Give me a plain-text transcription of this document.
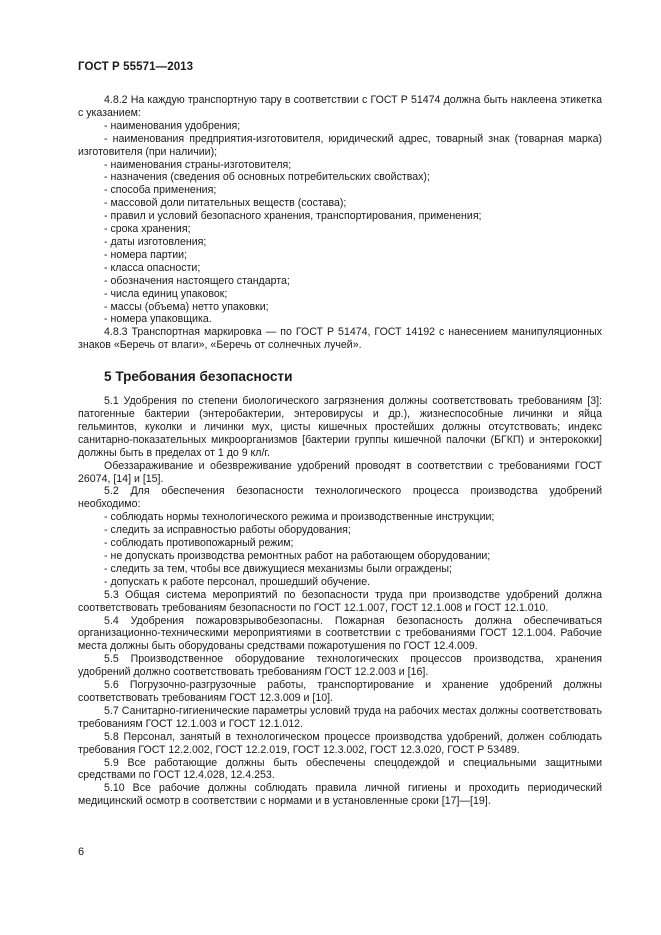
ГОСТ Р 55571—2013

4.8.2 На каждую транспортную тару в соответствии с ГОСТ Р 51474 должна быть наклеена этикетка с указанием:

- наименования удобрения;

- наименования предприятия-изготовителя, юридический адрес, товарный знак (товарная марка) изготовителя (при наличии);

- наименования страны-изготовителя;

- назначения (сведения об основных потребительских свойствах);

- способа применения;

- массовой доли питательных веществ (состава);

- правил и условий безопасного хранения, транспортирования, применения;

- срока хранения;

- даты изготовления;

- номера партии;

- класса опасности;

- обозначения настоящего стандарта;

- числа единиц упаковок;

- массы (объема) нетто упаковки;

- номера упаковщика.

4.8.3 Транспортная маркировка — по ГОСТ Р 51474, ГОСТ 14192 с нанесением манипуляционных знаков «Беречь от влаги», «Беречь от солнечных лучей».

5 Требования безопасности

5.1 Удобрения по степени биологического загрязнения должны соответствовать требованиям [3]: патогенные бактерии (энтеробактерии, энтеровирусы и др.), жизнеспособные личинки и яйца гельминтов, куколки и личинки мух, цисты кишечных простейших должны отсутствовать; индекс санитарно-показательных микроорганизмов [бактерии группы кишечной палочки (БГКП) и энтерококки] должны быть в пределах от 1 до 9 кл/г.

Обеззараживание и обезвреживание удобрений проводят в соответствии с требованиями ГОСТ 26074, [14] и [15].

5.2 Для обеспечения безопасности технологического процесса производства удобрений необходимо:

- соблюдать нормы технологического режима и производственные инструкции;

- следить за исправностью работы оборудования;

- соблюдать противопожарный режим;

- не допускать производства ремонтных работ на работающем оборудовании;

- следить за тем, чтобы все движущиеся механизмы были ограждены;

- допускать к работе персонал, прошедший обучение.

5.3 Общая система мероприятий по безопасности труда при производстве удобрений должна соответствовать требованиям безопасности по ГОСТ 12.1.007, ГОСТ 12.1.008 и ГОСТ 12.1.010.

5.4 Удобрения пожаровзрывобезопасны. Пожарная безопасность должна обеспечиваться организационно-техническими мероприятиями в соответствии с требованиями ГОСТ 12.1.004. Рабочие места должны быть оборудованы средствами пожаротушения по ГОСТ 12.4.009.

5.5 Производственное оборудование технологических процессов производства, хранения удобрений должно соответствовать требованиям ГОСТ 12.2.003 и [16].

5.6 Погрузочно-разгрузочные работы, транспортирование и хранение удобрений должны соответствовать требованиям ГОСТ 12.3.009 и [10].

5.7 Санитарно-гигиенические параметры условий труда на рабочих местах должны соответствовать требованиям ГОСТ 12.1.003 и ГОСТ 12.1.012.

5.8 Персонал, занятый в технологическом процессе производства удобрений, должен соблюдать требования ГОСТ 12.2.002, ГОСТ 12.2.019, ГОСТ 12.3.002, ГОСТ 12.3.020, ГОСТ Р 53489.

5.9 Все работающие должны быть обеспечены спецодеждой и специальными защитными средствами по ГОСТ 12.4.028, 12.4.253.

5.10 Все рабочие должны соблюдать правила личной гигиены и проходить периодический медицинский осмотр в соответствии с нормами и в установленные сроки [17]—[19].

6
